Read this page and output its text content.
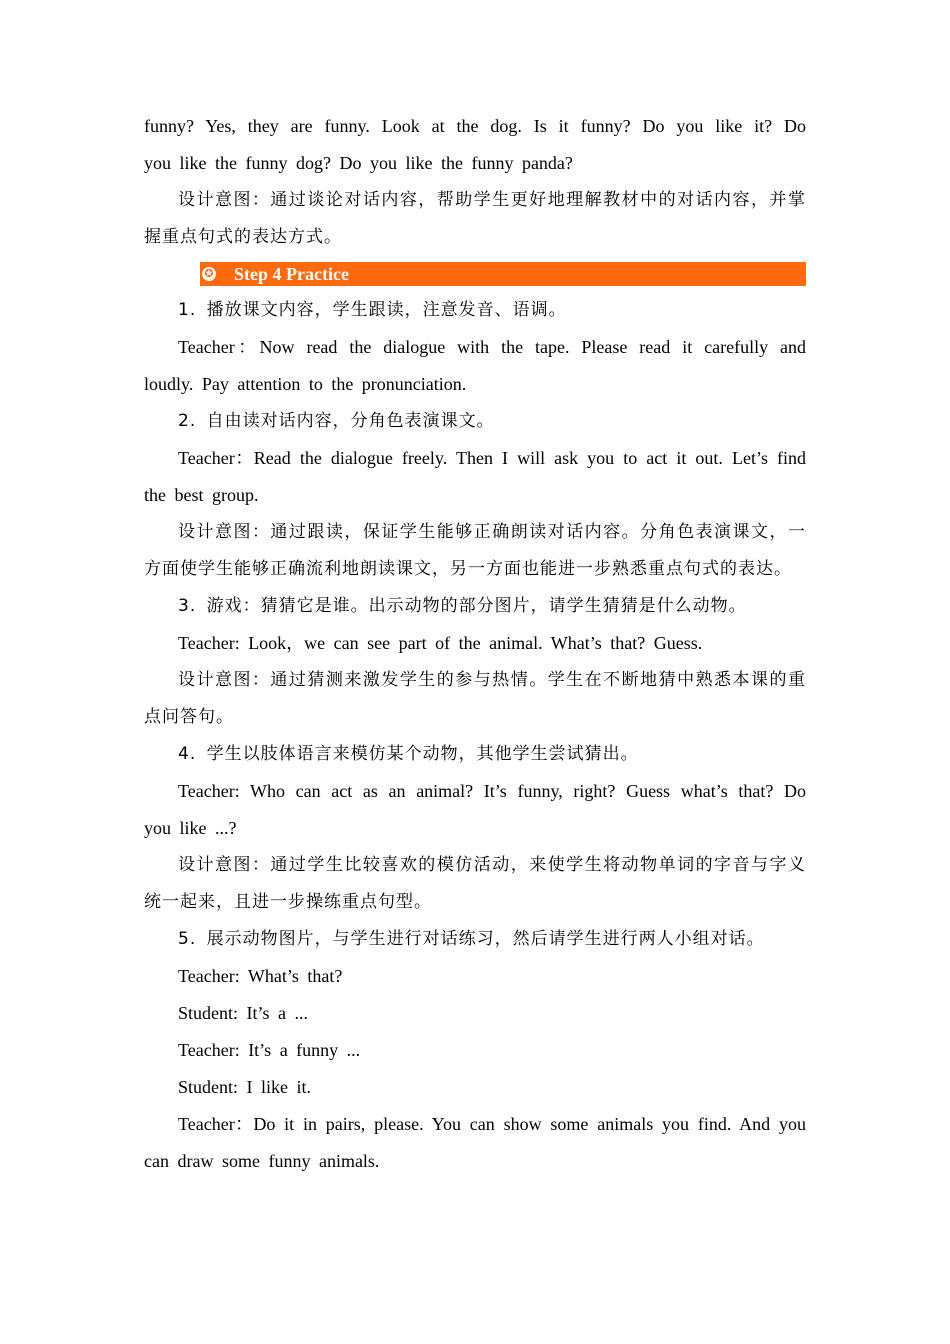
funny? Yes, they are funny. Look at the dog. Is it funny? Do you like it? Do

you like the funny dog? Do you like the funny panda?

设计意图：通过谈论对话内容，帮助学生更好地理解教材中的对话内容，并掌握重点句式的表达方式。

✪ Step 4 Practice

1. 播放课文内容，学生跟读，注意发音、语调。

Teacher：Now read the dialogue with the tape. Please read it carefully and loudly. Pay attention to the pronunciation.

2. 自由读对话内容，分角色表演课文。

Teacher：Read the dialogue freely. Then I will ask you to act it out. Let’s find the best group.

设计意图：通过跟读，保证学生能够正确朗读对话内容。分角色表演课文，一方面使学生能够正确流利地朗读课文，另一方面也能进一步熟悉重点句式的表达。

3. 游戏：猜猜它是谁。出示动物的部分图片，请学生猜猜是什么动物。

Teacher: Look，we can see part of the animal. What’s that? Guess.

设计意图：通过猜测来激发学生的参与热情。学生在不断地猜中熟悉本课的重点问答句。

4. 学生以肢体语言来模仿某个动物，其他学生尝试猜出。

Teacher: Who can act as an animal? It’s funny, right? Guess what’s that? Do you like ...?

设计意图：通过学生比较喜欢的模仿活动，来使学生将动物单词的字音与字义统一起来，且进一步操练重点句型。

5. 展示动物图片，与学生进行对话练习，然后请学生进行两人小组对话。

Teacher: What’s that?

Student: It’s a ...

Teacher: It’s a funny ...

Student: I like it.

Teacher：Do it in pairs, please. You can show some animals you find. And you can draw some funny animals.
